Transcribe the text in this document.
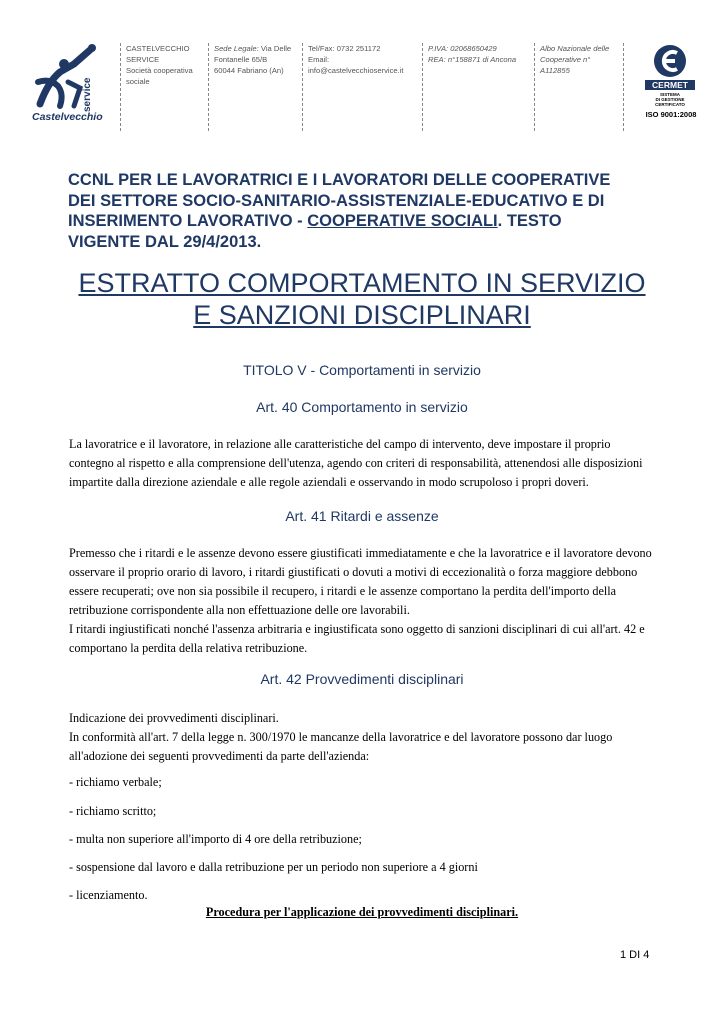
service
Castelvecchio
CASTELVECCHIO
SERVICE
Società cooperativa
sociale
Sede Legale: Via Delle
Fontanelle 65/B
60044 Fabriano (An)
Tel/Fax: 0732 251172
Email:
info@castelvecchioservice.it
P.IVA: 02068650429
REA: n°158871 di Ancona
Albo Nazionale delle
Cooperative n°
A112855
CERMET
SISTEMA
DI GESTIONE
CERTIFICATO
ISO 9001:2008
CCNL PER LE LAVORATRICI E I LAVORATORI DELLE COOPERATIVE
DEI SETTORE SOCIO-SANITARIO-ASSISTENZIALE-EDUCATIVO E DI
INSERIMENTO LAVORATIVO - COOPERATIVE SOCIALI. TESTO
VIGENTE DAL 29/4/2013.
ESTRATTO COMPORTAMENTO IN SERVIZIO
E SANZIONI DISCIPLINARI
TITOLO V - Comportamenti in servizio
Art. 40 Comportamento in servizio
La lavoratrice e il lavoratore, in relazione alle caratteristiche del campo di intervento, deve impostare il proprio
contegno al rispetto e alla comprensione dell'utenza, agendo con criteri di responsabilità, attenendosi alle disposizioni
impartite dalla direzione aziendale e alle regole aziendali e osservando in modo scrupoloso i propri doveri.
Art. 41 Ritardi e assenze
Premesso che i ritardi e le assenze devono essere giustificati immediatamente e che la lavoratrice e il lavoratore devono
osservare il proprio orario di lavoro, i ritardi giustificati o dovuti a motivi di eccezionalità o forza maggiore debbono
essere recuperati; ove non sia possibile il recupero, i ritardi e le assenze comportano la perdita dell'importo della
retribuzione corrispondente alla non effettuazione delle ore lavorabili.
I ritardi ingiustificati nonché l'assenza arbitraria e ingiustificata sono oggetto di sanzioni disciplinari di cui all'art. 42 e
comportano la perdita della relativa retribuzione.
Art. 42 Provvedimenti disciplinari
Indicazione dei provvedimenti disciplinari.
In conformità all'art. 7 della legge n. 300/1970 le mancanze della lavoratrice e del lavoratore possono dar luogo
all'adozione dei seguenti provvedimenti da parte dell'azienda:
- richiamo verbale;
- richiamo scritto;
- multa non superiore all'importo di 4 ore della retribuzione;
- sospensione dal lavoro e dalla retribuzione per un periodo non superiore a 4 giorni
- licenziamento.
Procedura per l'applicazione dei provvedimenti disciplinari.
1 DI 4
